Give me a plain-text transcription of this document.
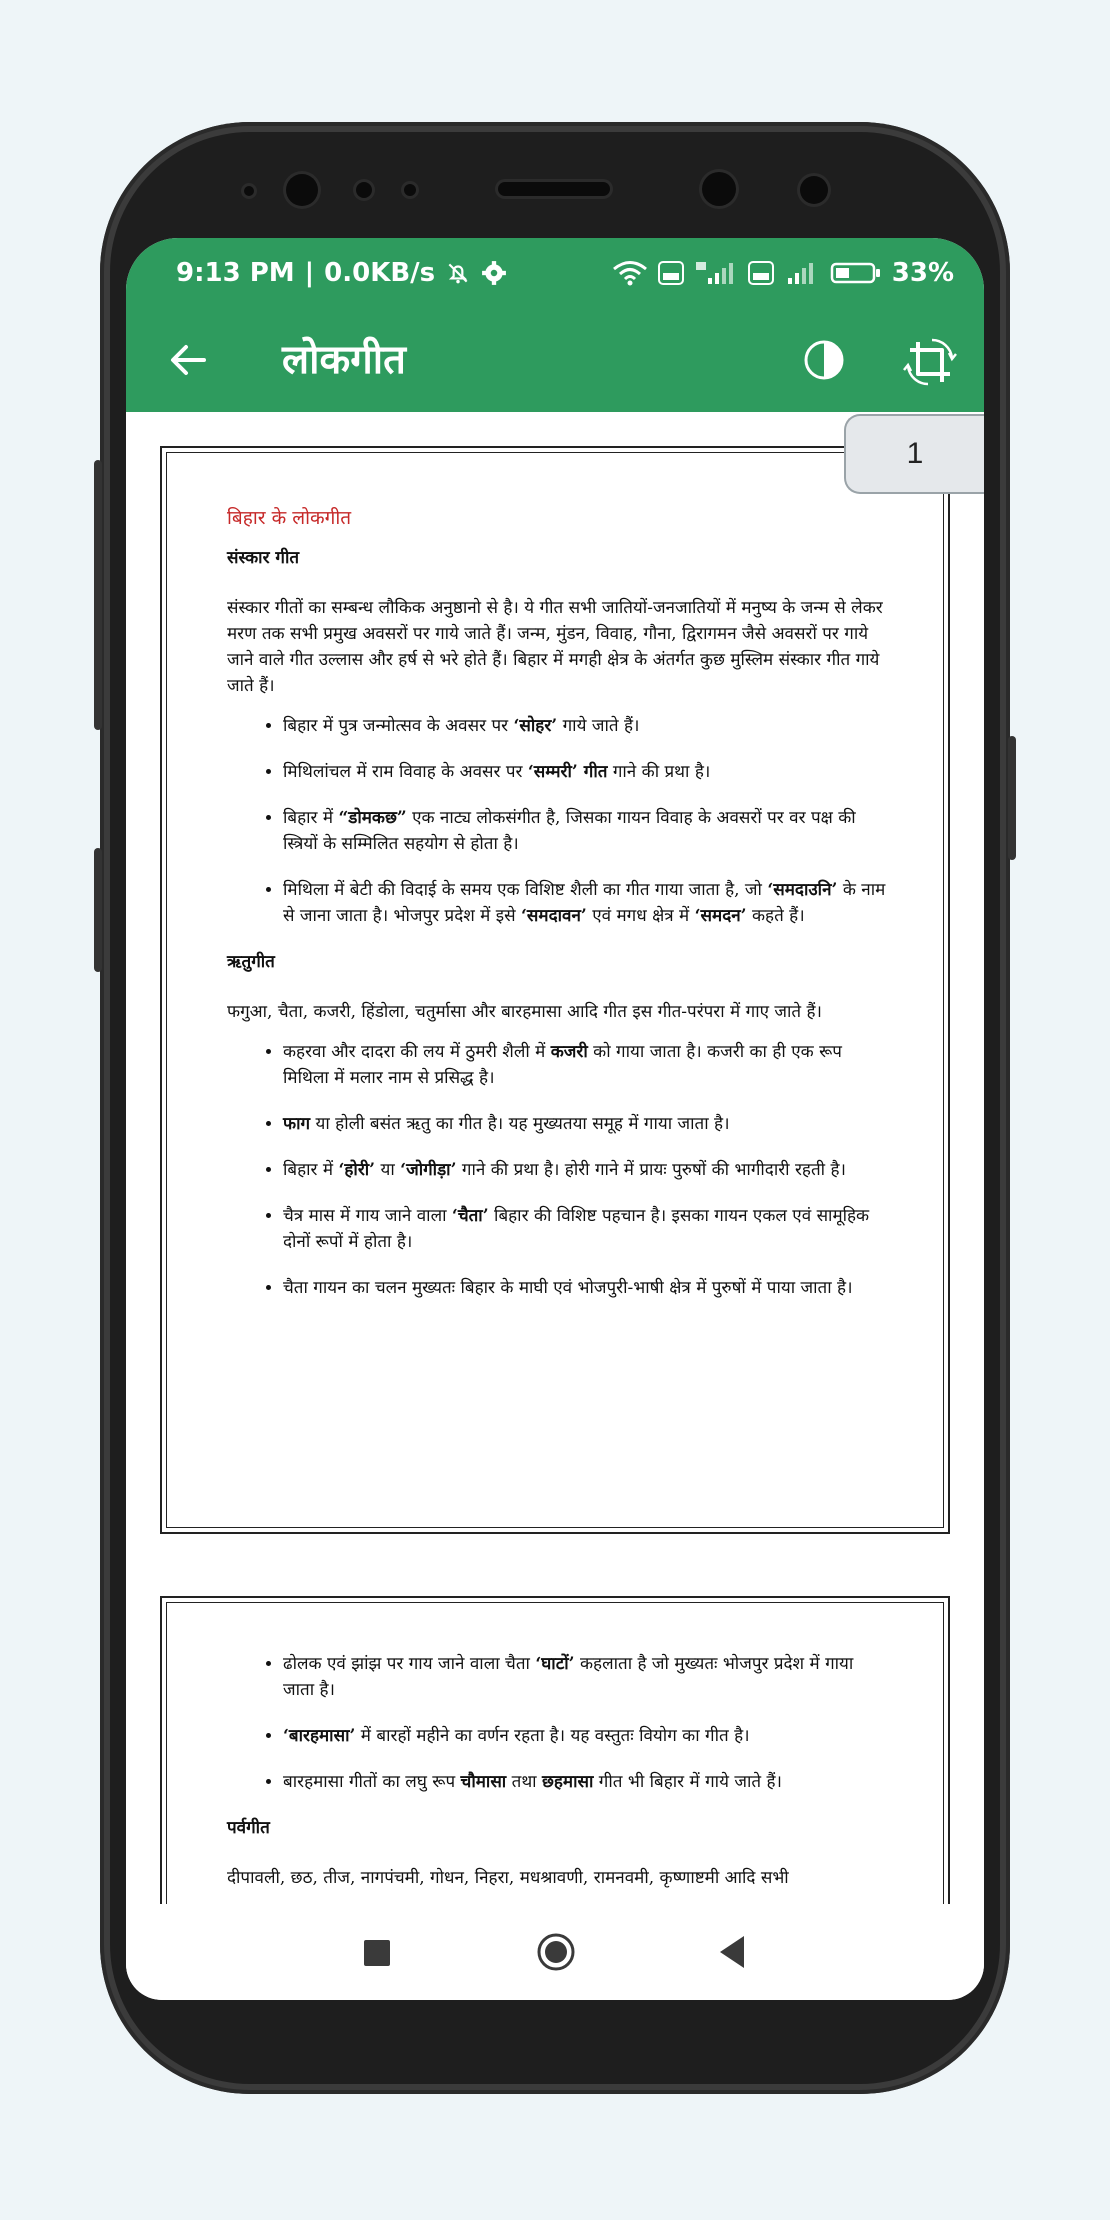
9:13 PM | 0.0KB/s	33%
लोकगीत
बिहार के लोकगीत
संस्कार गीत

संस्कार गीतों का सम्बन्ध लौकिक अनुष्ठानो से है। ये गीत सभी जातियों-जनजातियों में मनुष्य के जन्म से लेकर मरण तक सभी प्रमुख अवसरों पर गाये जाते हैं। जन्म, मुंडन, विवाह, गौना, द्विरागमन जैसे अवसरों पर गाये जाने वाले गीत उल्लास और हर्ष से भरे होते हैं। बिहार में मगही क्षेत्र के अंतर्गत कुछ मुस्लिम संस्कार गीत गाये जाते हैं।

• बिहार में पुत्र जन्मोत्सव के अवसर पर ‘सोहर’ गाये जाते हैं।
• मिथिलांचल में राम विवाह के अवसर पर ‘सम्मरी’ गीत गाने की प्रथा है।
• बिहार में “डोमकछ” एक नाट्य लोकसंगीत है, जिसका गायन विवाह के अवसरों पर वर पक्ष की स्त्रियों के सम्मिलित सहयोग से होता है।
• मिथिला में बेटी की विदाई के समय एक विशिष्ट शैली का गीत गाया जाता है, जो ‘समदाउनि’ के नाम से जाना जाता है। भोजपुर प्रदेश में इसे ‘समदावन’ एवं मगध क्षेत्र में ‘समदन’ कहते हैं।
ऋतुगीत

फगुआ, चैता, कजरी, हिंडोला, चतुर्मासा और बारहमासा आदि गीत इस गीत-परंपरा में गाए जाते हैं।

• कहरवा और दादरा की लय में ठुमरी शैली में कजरी को गाया जाता है। कजरी का ही एक रूप मिथिला में मलार नाम से प्रसिद्ध है।
• फाग या होली बसंत ऋतु का गीत है। यह मुख्यतया समूह में गाया जाता है।
• बिहार में ‘होरी’ या ‘जोगीड़ा’ गाने की प्रथा है। होरी गाने में प्रायः पुरुषों की भागीदारी रहती है।
• चैत्र मास में गाय जाने वाला ‘चैता’ बिहार की विशिष्ट पहचान है। इसका गायन एकल एवं सामूहिक दोनों रूपों में होता है।
• चैता गायन का चलन मुख्यतः बिहार के माघी एवं भोजपुरी-भाषी क्षेत्र में पुरुषों में पाया जाता है।
• ढोलक एवं झांझ पर गाय जाने वाला चैता ‘घाटों’ कहलाता है जो मुख्यतः भोजपुर प्रदेश में गाया जाता है।
• ‘बारहमासा’ में बारहों महीने का वर्णन रहता है। यह वस्तुतः वियोग का गीत है।
• बारहमासा गीतों का लघु रूप चौमासा तथा छहमासा गीत भी बिहार में गाये जाते हैं।
पर्वगीत

दीपावली, छठ, तीज, नागपंचमी, गोधन, निहरा, मधश्रावणी, रामनवमी, कृष्णाष्टमी आदि सभी

1
